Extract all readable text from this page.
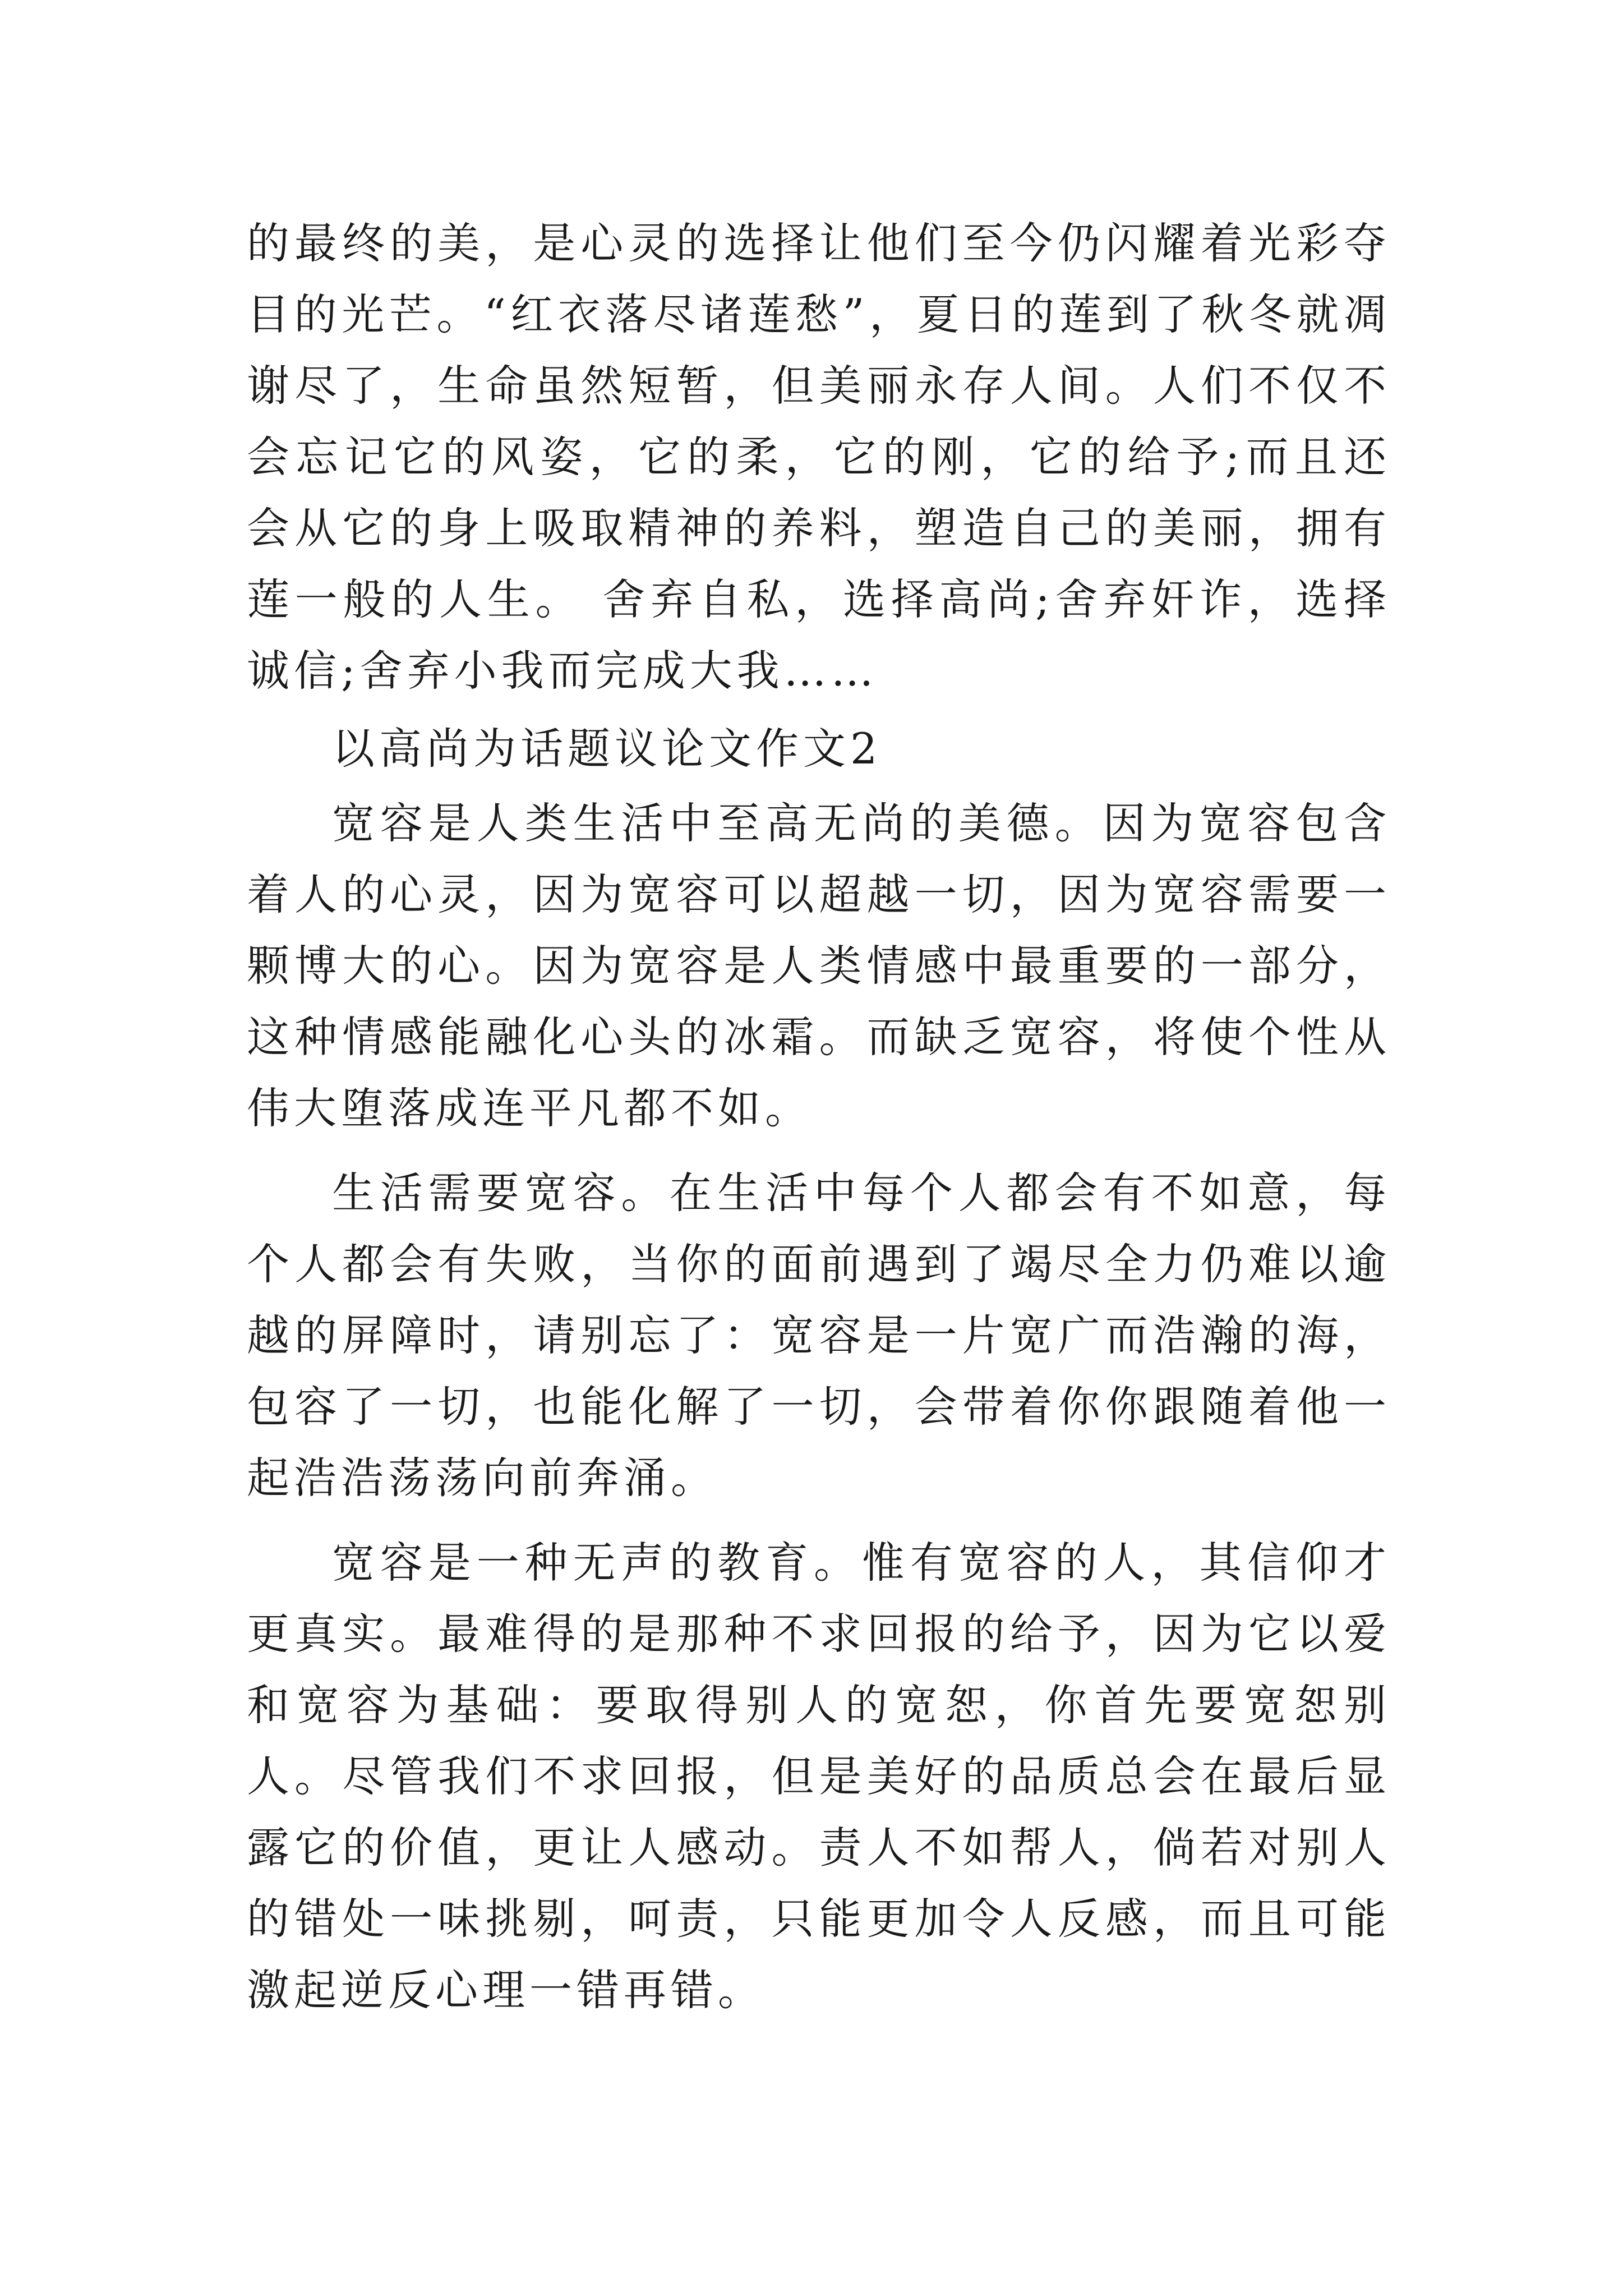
的最终的美，是心灵的选择让他们至今仍闪耀着光彩夺目的光芒。“红衣落尽诸莲愁”，夏日的莲到了秋冬就凋谢尽了，生命虽然短暂，但美丽永存人间。人们不仅不会忘记它的风姿，它的柔，它的刚，它的给予;而且还会从它的身上吸取精神的养料，塑造自己的美丽，拥有莲一般的人生。 舍弃自私，选择高尚;舍弃奸诈，选择诚信;舍弃小我而完成大我……

以高尚为话题议论文作文2

宽容是人类生活中至高无尚的美德。因为宽容包含着人的心灵，因为宽容可以超越一切，因为宽容需要一颗博大的心。因为宽容是人类情感中最重要的一部分，这种情感能融化心头的冰霜。而缺乏宽容，将使个性从伟大堕落成连平凡都不如。

生活需要宽容。在生活中每个人都会有不如意，每个人都会有失败，当你的面前遇到了竭尽全力仍难以逾越的屏障时，请别忘了：宽容是一片宽广而浩瀚的海，包容了一切，也能化解了一切，会带着你你跟随着他一起浩浩荡荡向前奔涌。

宽容是一种无声的教育。惟有宽容的人，其信仰才更真实。最难得的是那种不求回报的给予，因为它以爱和宽容为基础：要取得别人的宽恕，你首先要宽恕别人。尽管我们不求回报，但是美好的品质总会在最后显露它的价值，更让人感动。责人不如帮人，倘若对别人的错处一味挑剔，呵责，只能更加令人反感，而且可能激起逆反心理一错再错。
